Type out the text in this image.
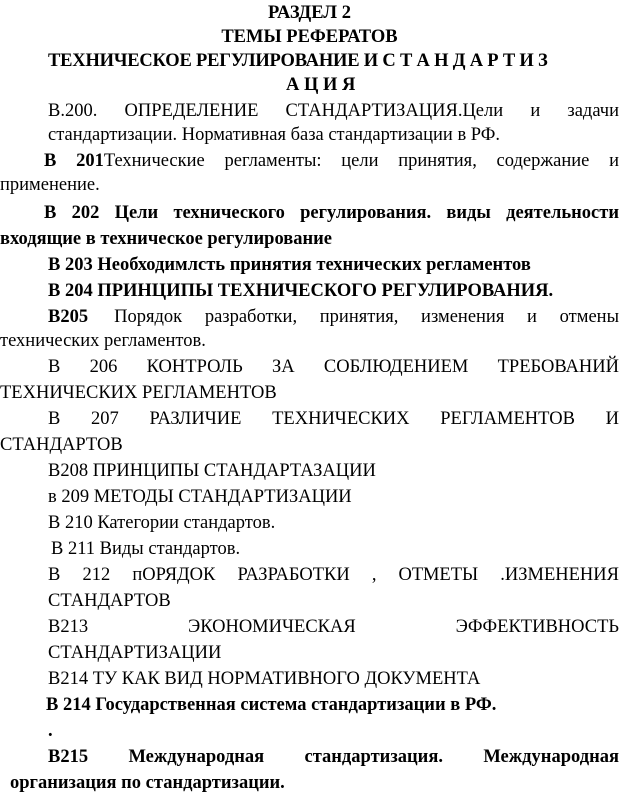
РАЗДЕЛ 2
ТЕМЫ РЕФЕРАТОВ
ТЕХНИЧЕСКОЕ РЕГУЛИРОВАНИЕ И С Т А Н Д А Р Т И З
А Ц И Я
В.200. ОПРЕДЕЛЕНИЕ СТАНДАРТИЗАЦИЯ.Цели и задачи
стандартизации. Нормативная база стандартизации в РФ.
В 201Технические регламенты: цели принятия, содержание и
применение.
В 202 Цели технического регулирования. виды деятельности
входящие в техническое регулирование
В 203 Необходимлсть принятия технических регламентов
В 204 ПРИНЦИПЫ ТЕХНИЧЕСКОГО РЕГУЛИРОВАНИЯ.
В205 Порядок разработки, принятия, изменения и отмены
технических регламентов.
В 206 КОНТРОЛЬ ЗА СОБЛЮДЕНИЕМ ТРЕБОВАНИЙ
ТЕХНИЧЕСКИХ РЕГЛАМЕНТОВ
В 207 РАЗЛИЧИЕ ТЕХНИЧЕСКИХ РЕГЛАМЕНТОВ И
СТАНДАРТОВ
В208 ПРИНЦИПЫ СТАНДАРТАЗАЦИИ
в 209 МЕТОДЫ СТАНДАРТИЗАЦИИ
В 210 Категории стандартов.
В 211 Виды стандартов.
В 212 пОРЯДОК РАЗРАБОТКИ , ОТМЕТЫ .ИЗМЕНЕНИЯ
СТАНДАРТОВ
В213 ЭКОНОМИЧЕСКАЯ ЭФФЕКТИВНОСТЬ
СТАНДАРТИЗАЦИИ
В214 ТУ КАК ВИД НОРМАТИВНОГО ДОКУМЕНТА
В 214 Государственная система стандартизации в РФ.
.
В215 Международная стандартизация. Международная
организация по стандартизации.
